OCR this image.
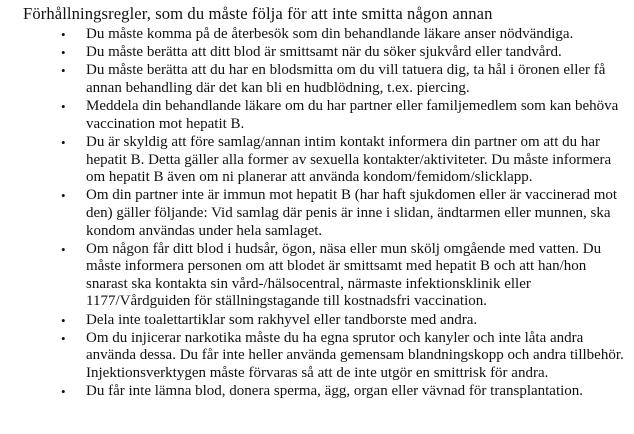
Förhållningsregler, som du måste följa för att inte smitta någon annan
• Du måste komma på de återbesök som din behandlande läkare anser nödvändiga.
• Du måste berätta att ditt blod är smittsamt när du söker sjukvård eller tandvård.
• Du måste berätta att du har en blodsmitta om du vill tatuera dig, ta hål i öronen eller få annan behandling där det kan bli en hudblödning, t.ex. piercing.
• Meddela din behandlande läkare om du har partner eller familjemedlem som kan behöva vaccination mot hepatit B.
• Du är skyldig att före samlag/annan intim kontakt informera din partner om att du har hepatit B. Detta gäller alla former av sexuella kontakter/aktiviteter. Du måste informera om hepatit B även om ni planerar att använda kondom/femidom/slicklapp.
• Om din partner inte är immun mot hepatit B (har haft sjukdomen eller är vaccinerad mot den) gäller följande: Vid samlag där penis är inne i slidan, ändtarmen eller munnen, ska kondom användas under hela samlaget.
• Om någon får ditt blod i hudsår, ögon, näsa eller mun skölj omgående med vatten. Du måste informera personen om att blodet är smittsamt med hepatit B och att han/hon snarast ska kontakta sin vård-/hälsocentral, närmaste infektionsklinik eller 1177/Vårdguiden för ställningstagande till kostnadsfri vaccination.
• Dela inte toalettartiklar som rakhyvel eller tandborste med andra.
• Om du injicerar narkotika måste du ha egna sprutor och kanyler och inte låta andra använda dessa. Du får inte heller använda gemensam blandningskopp och andra tillbehör. Injektionsverktygen måste förvaras så att de inte utgör en smittrisk för andra.
• Du får inte lämna blod, donera sperma, ägg, organ eller vävnad för transplantation.
